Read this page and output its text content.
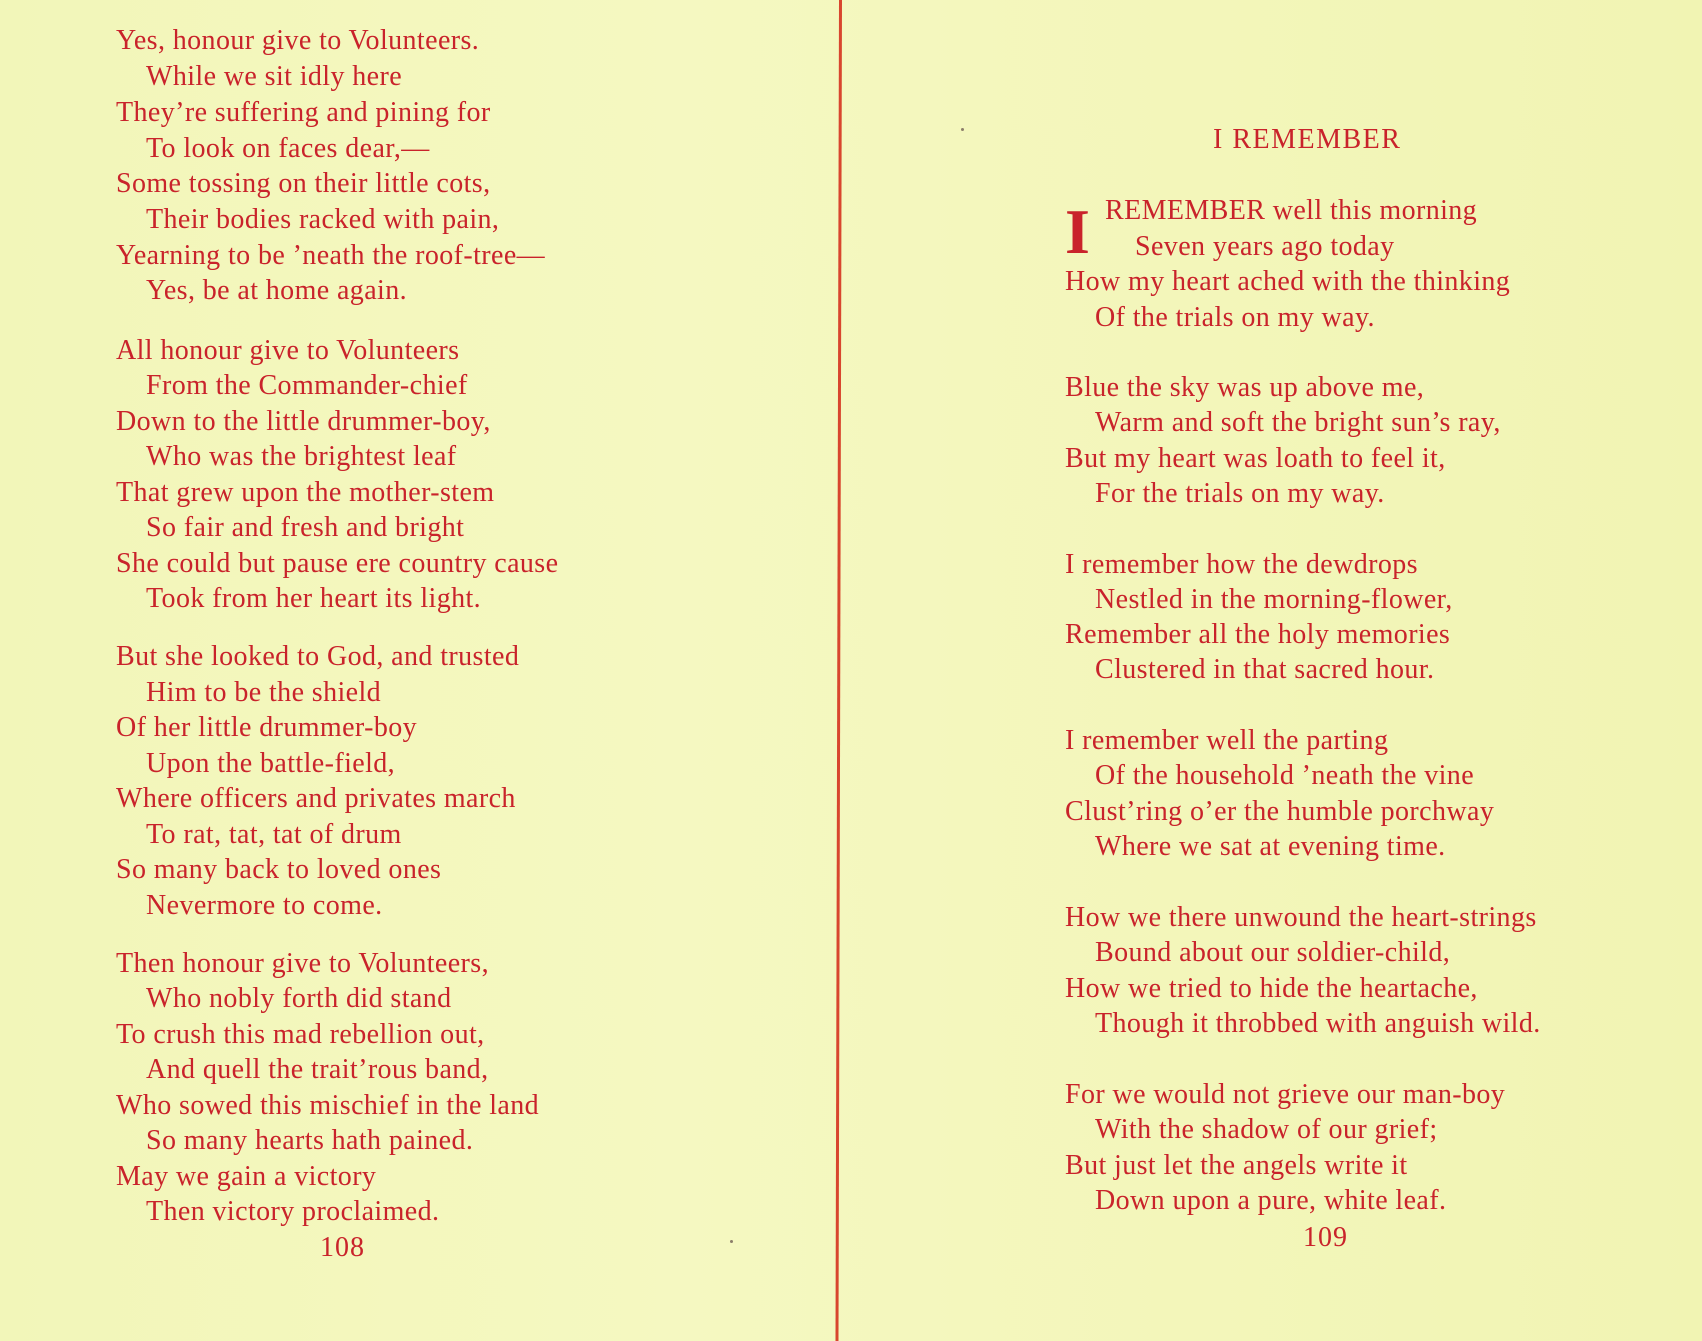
Yes, honour give to Volunteers.
While we sit idly here
They’re suffering and pining for
To look on faces dear,—
Some tossing on their little cots,
Their bodies racked with pain,
Yearning to be ’neath the roof-tree—
Yes, be at home again.
All honour give to Volunteers
From the Commander-chief
Down to the little drummer-boy,
Who was the brightest leaf
That grew upon the mother-stem
So fair and fresh and bright
She could but pause ere country cause
Took from her heart its light.
But she looked to God, and trusted
Him to be the shield
Of her little drummer-boy
Upon the battle-field,
Where officers and privates march
To rat, tat, tat of drum
So many back to loved ones
Nevermore to come.
Then honour give to Volunteers,
Who nobly forth did stand
To crush this mad rebellion out,
And quell the trait’rous band,
Who sowed this mischief in the land
So many hearts hath pained.
May we gain a victory
Then victory proclaimed.
108
I REMEMBER
I REMEMBER well this morning
Seven years ago today
How my heart ached with the thinking
Of the trials on my way.
Blue the sky was up above me,
Warm and soft the bright sun’s ray,
But my heart was loath to feel it,
For the trials on my way.
I remember how the dewdrops
Nestled in the morning-flower,
Remember all the holy memories
Clustered in that sacred hour.
I remember well the parting
Of the household ’neath the vine
Clust’ring o’er the humble porchway
Where we sat at evening time.
How we there unwound the heart-strings
Bound about our soldier-child,
How we tried to hide the heartache,
Though it throbbed with anguish wild.
For we would not grieve our man-boy
With the shadow of our grief;
But just let the angels write it
Down upon a pure, white leaf.
109
